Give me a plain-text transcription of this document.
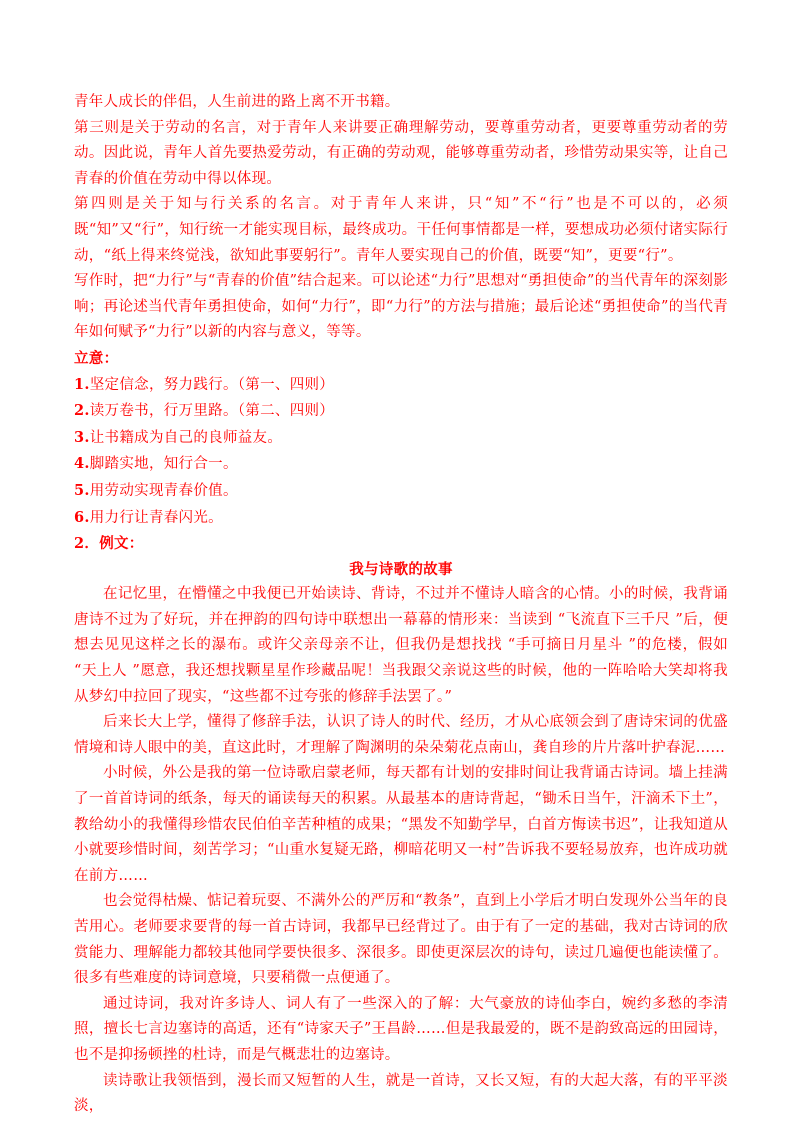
青年人成长的伴侣，人生前进的路上离不开书籍。

第三则是关于劳动的名言，对于青年人来讲要正确理解劳动，要尊重劳动者，更要尊重劳动者的劳动。因此说，青年人首先要热爱劳动，有正确的劳动观，能够尊重劳动者，珍惜劳动果实等，让自己青春的价值在劳动中得以体现。

第四则是关于知与行关系的名言。对于青年人来讲，只“知”不“行”也是不可以的，必须既“知”又“行”，知行统一才能实现目标，最终成功。干任何事情都是一样，要想成功必须付诸实际行动，“纸上得来终觉浅，欲知此事要躬行”。青年人要实现自己的价值，既要“知”，更要“行”。

写作时，把“力行”与“青春的价值”结合起来。可以论述“力行”思想对“勇担使命”的当代青年的深刻影响；再论述当代青年勇担使命，如何“力行”，即“力行”的方法与措施；最后论述“勇担使命”的当代青年如何赋予“力行”以新的内容与意义，等等。

立意：

1.坚定信念，努力践行。（第一、四则）

2.读万卷书，行万里路。（第二、四则）

3.让书籍成为自己的良师益友。

4.脚踏实地，知行合一。

5.用劳动实现青春价值。

6.用力行让青春闪光。

2．例文：

我与诗歌的故事

在记忆里，在懵懂之中我便已开始读诗、背诗，不过并不懂诗人暗含的心情。小的时候，我背诵唐诗不过为了好玩，并在押韵的四句诗中联想出一幕幕的情形来：当读到 “飞流直下三千尺 ”后，便想去见见这样之长的瀑布。或许父亲母亲不让，但我仍是想找找 “手可摘日月星斗 ”的危楼，假如 “天上人 ”愿意，我还想找颗星星作珍藏品呢！当我跟父亲说这些的时候，他的一阵哈哈大笑却将我从梦幻中拉回了现实，“这些都不过夸张的修辞手法罢了。”

后来长大上学，懂得了修辞手法，认识了诗人的时代、经历，才从心底领会到了唐诗宋词的优盛情境和诗人眼中的美，直这此时，才理解了陶渊明的朵朵菊花点南山，龚自珍的片片落叶护春泥……

小时候，外公是我的第一位诗歌启蒙老师，每天都有计划的安排时间让我背诵古诗词。墙上挂满了一首首诗词的纸条，每天的诵读每天的积累。从最基本的唐诗背起，“锄禾日当午，汗滴禾下土”，教给幼小的我懂得珍惜农民伯伯辛苦种植的成果；“黑发不知勤学早，白首方悔读书迟”，让我知道从小就要珍惜时间，刻苦学习；“山重水复疑无路，柳暗花明又一村”告诉我不要轻易放弃，也许成功就在前方……

也会觉得枯燥、惦记着玩耍、不满外公的严厉和“教条”，直到上小学后才明白发现外公当年的良苦用心。老师要求要背的每一首古诗词，我都早已经背过了。由于有了一定的基础，我对古诗词的欣赏能力、理解能力都较其他同学要快很多、深很多。即使更深层次的诗句，读过几遍便也能读懂了。很多有些难度的诗词意境，只要稍微一点便通了。

通过诗词，我对许多诗人、词人有了一些深入的了解：大气豪放的诗仙李白，婉约多愁的李清照，擅长七言边塞诗的高适，还有“诗家天子”王昌龄……但是我最爱的，既不是韵致高远的田园诗，也不是抑扬顿挫的杜诗，而是气概悲壮的边塞诗。

读诗歌让我领悟到，漫长而又短暂的人生，就是一首诗，又长又短，有的大起大落，有的平平淡淡，
